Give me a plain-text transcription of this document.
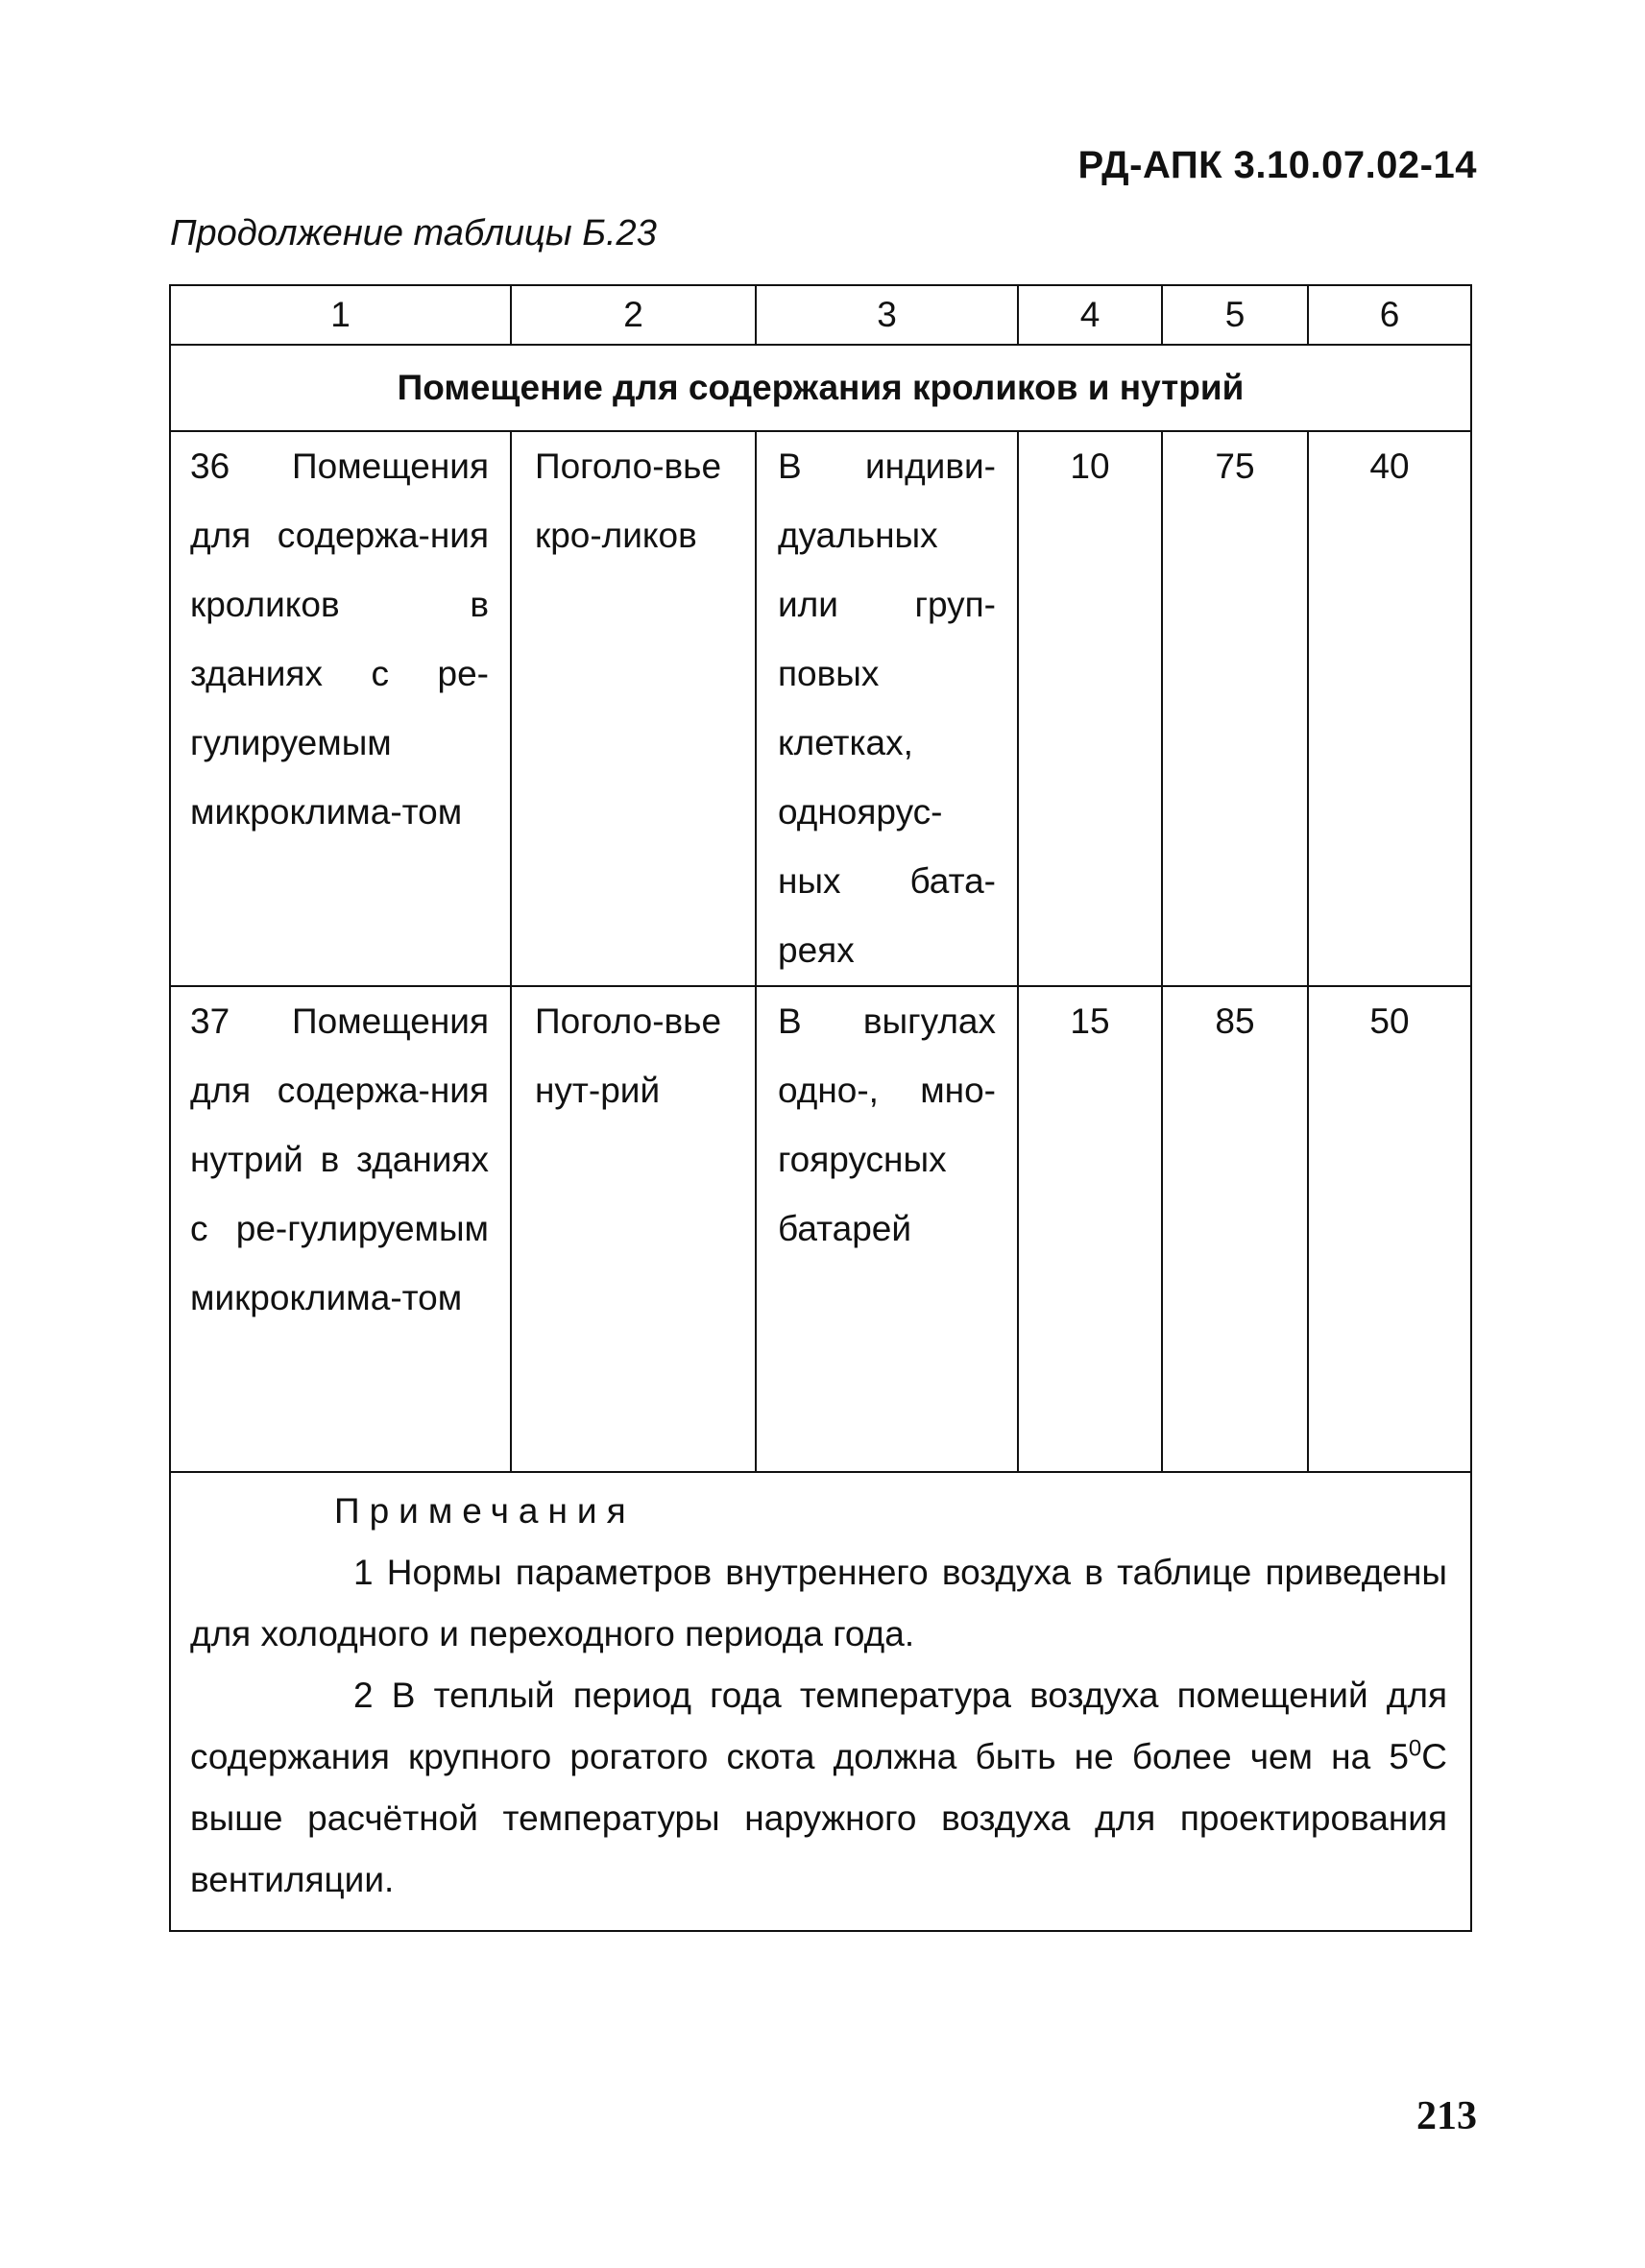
РД-АПК 3.10.07.02-14
Продолжение таблицы Б.23
1	2	3	4	5	6
Помещение для содержания кроликов и нутрий					
36 Помещения для содержа-ния кроликов в зданиях с ре-гулируемым микроклима-том	Поголо-вье кро-ликов	В индиви-дуальных или груп-повых клетках, одноярус-ных бата-реях	10	75	40
37 Помещения для содержа-ния нутрий в зданиях с ре-гулируемым микроклима-том	Поголо-вье нут-рий	В выгулах одно-, мно-гоярусных батарей	15	85	50

Примечания
1 Нормы параметров внутреннего воздуха в таблице приведены для холодного и переходного периода года.
2 В теплый период года температура воздуха помещений для содержания крупного рогатого скота должна быть не более чем на $5^0С$ выше расчётной температуры наружного воздуха для проектирования вентиляции.					
213
